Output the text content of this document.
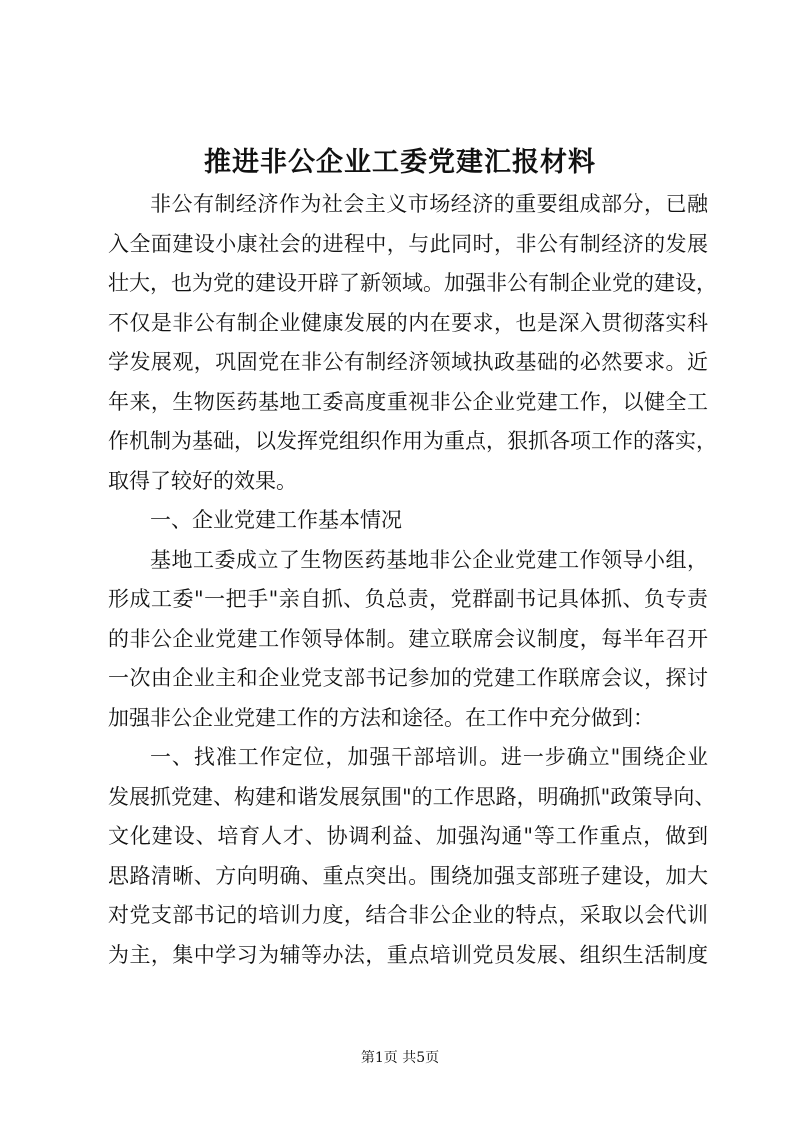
推进非公企业工委党建汇报材料
非公有制经济作为社会主义市场经济的重要组成部分，已融
入全面建设小康社会的进程中，与此同时，非公有制经济的发展
壮大，也为党的建设开辟了新领域。加强非公有制企业党的建设，
不仅是非公有制企业健康发展的内在要求，也是深入贯彻落实科
学发展观，巩固党在非公有制经济领域执政基础的必然要求。近
年来，生物医药基地工委高度重视非公企业党建工作，以健全工
作机制为基础，以发挥党组织作用为重点，狠抓各项工作的落实，
取得了较好的效果。
一、企业党建工作基本情况
基地工委成立了生物医药基地非公企业党建工作领导小组，
形成工委"一把手"亲自抓、负总责，党群副书记具体抓、负专责
的非公企业党建工作领导体制。建立联席会议制度，每半年召开
一次由企业主和企业党支部书记参加的党建工作联席会议，探讨
加强非公企业党建工作的方法和途径。在工作中充分做到：
一、找准工作定位，加强干部培训。进一步确立"围绕企业
发展抓党建、构建和谐发展氛围"的工作思路，明确抓"政策导向、
文化建设、培育人才、协调利益、加强沟通"等工作重点，做到
思路清晰、方向明确、重点突出。围绕加强支部班子建设，加大
对党支部书记的培训力度，结合非公企业的特点，采取以会代训
为主，集中学习为辅等办法，重点培训党员发展、组织生活制度
第1页 共5页
